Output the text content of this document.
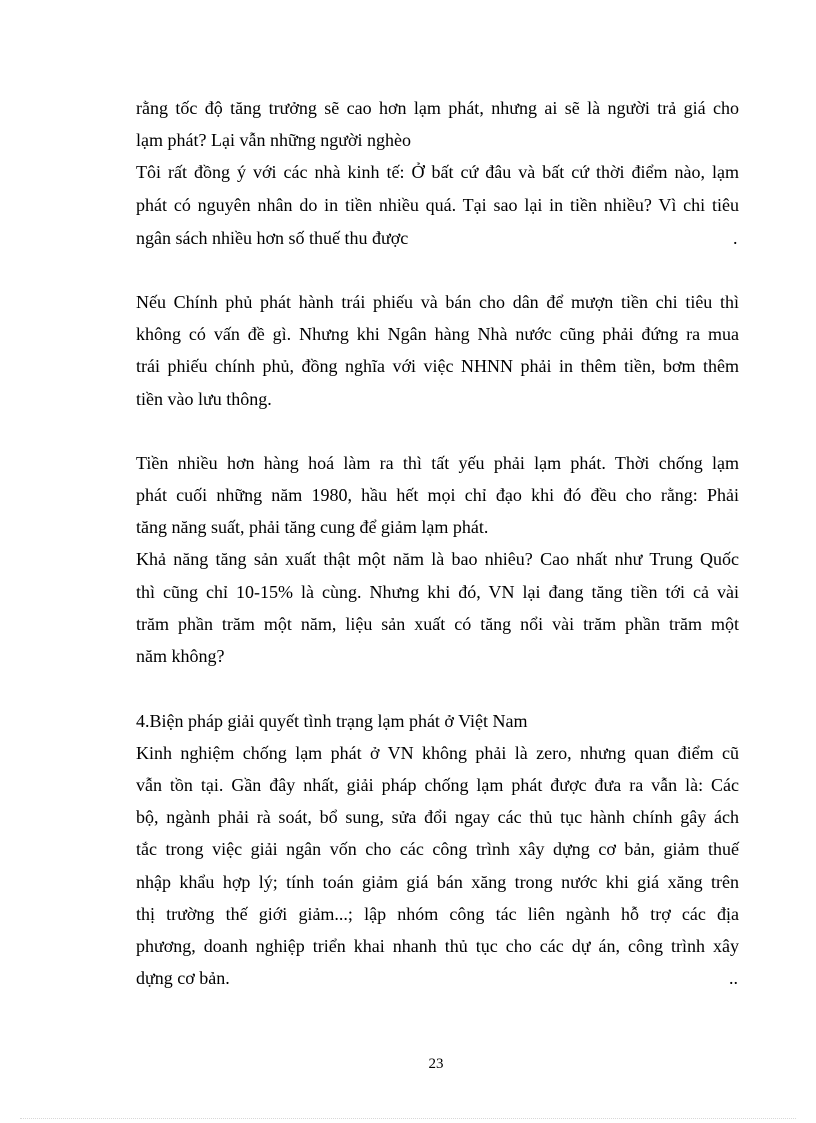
rằng tốc độ tăng trưởng sẽ cao hơn lạm phát, nhưng ai sẽ là người trả giá cho
lạm phát? Lại vẫn những người nghèo
Tôi rất đồng ý với các nhà kinh tế: Ở bất cứ đâu và bất cứ thời điểm nào, lạm
phát có nguyên nhân do in tiền nhiều quá. Tại sao lại in tiền nhiều? Vì chi tiêu
ngân sách nhiều hơn số thuế thu được	.
Nếu Chính phủ phát hành trái phiếu và bán cho dân để mượn tiền chi tiêu thì
không có vấn đề gì. Nhưng khi Ngân hàng Nhà nước cũng phải đứng ra mua
trái phiếu chính phủ, đồng nghĩa với việc NHNN phải in thêm tiền, bơm thêm
tiền vào lưu thông.
Tiền nhiều hơn hàng hoá làm ra thì tất yếu phải lạm phát. Thời chống lạm
phát cuối những năm 1980, hầu hết mọi chỉ đạo khi đó đều cho rằng: Phải
tăng năng suất, phải tăng cung để giảm lạm phát.
Khả năng tăng sản xuất thật một năm là bao nhiêu? Cao nhất như Trung Quốc
thì cũng chỉ 10-15% là cùng. Nhưng khi đó, VN lại đang tăng tiền tới cả vài
trăm phần trăm một năm, liệu sản xuất có tăng nổi vài trăm phần trăm một
năm không?
4.Biện pháp giải quyết tình trạng lạm phát ở Việt Nam
Kinh nghiệm chống lạm phát ở VN không phải là zero, nhưng quan điểm cũ
vẫn tồn tại. Gần đây nhất, giải pháp chống lạm phát được đưa ra vẫn là: Các
bộ, ngành phải rà soát, bổ sung, sửa đổi ngay các thủ tục hành chính gây ách
tắc trong việc giải ngân vốn cho các công trình xây dựng cơ bản, giảm thuế
nhập khẩu hợp lý; tính toán giảm giá bán xăng trong nước khi giá xăng trên
thị trường thế giới giảm...; lập nhóm công tác liên ngành hỗ trợ các địa
phương, doanh nghiệp triển khai nhanh thủ tục cho các dự án, công trình xây
dựng cơ bản.	..
23
